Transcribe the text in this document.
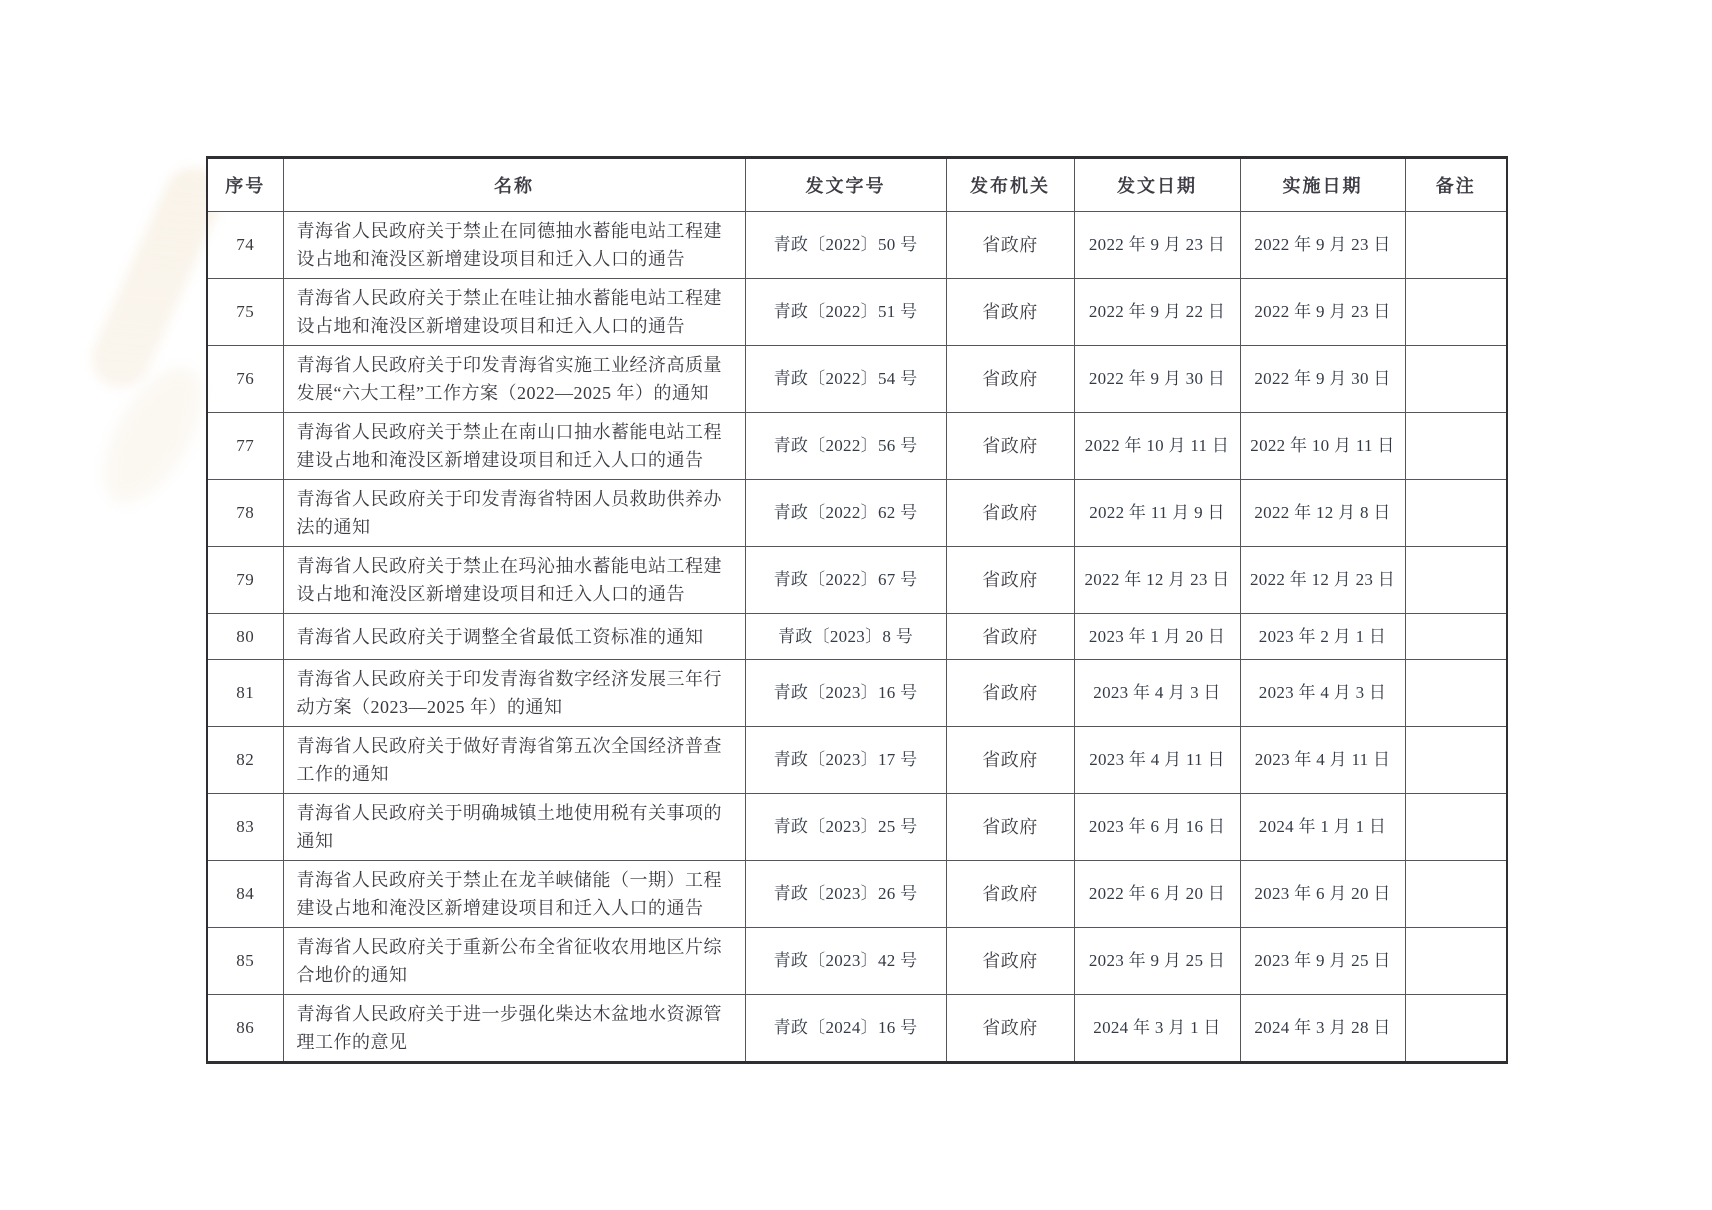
序号	名称	发文字号	发布机关	发文日期	实施日期	备注
74	青海省人民政府关于禁止在同德抽水蓄能电站工程建设占地和淹没区新增建设项目和迁入人口的通告	青政〔2022〕50 号	省政府	2022 年 9 月 23 日	2022 年 9 月 23 日	
75	青海省人民政府关于禁止在哇让抽水蓄能电站工程建设占地和淹没区新增建设项目和迁入人口的通告	青政〔2022〕51 号	省政府	2022 年 9 月 22 日	2022 年 9 月 23 日	
76	青海省人民政府关于印发青海省实施工业经济高质量发展“六大工程”工作方案（2022—2025 年）的通知	青政〔2022〕54 号	省政府	2022 年 9 月 30 日	2022 年 9 月 30 日	
77	青海省人民政府关于禁止在南山口抽水蓄能电站工程建设占地和淹没区新增建设项目和迁入人口的通告	青政〔2022〕56 号	省政府	2022 年 10 月 11 日	2022 年 10 月 11 日	
78	青海省人民政府关于印发青海省特困人员救助供养办法的通知	青政〔2022〕62 号	省政府	2022 年 11 月 9 日	2022 年 12 月 8 日	
79	青海省人民政府关于禁止在玛沁抽水蓄能电站工程建设占地和淹没区新增建设项目和迁入人口的通告	青政〔2022〕67 号	省政府	2022 年 12 月 23 日	2022 年 12 月 23 日	
80	青海省人民政府关于调整全省最低工资标准的通知	青政〔2023〕8 号	省政府	2023 年 1 月 20 日	2023 年 2 月 1 日	
81	青海省人民政府关于印发青海省数字经济发展三年行动方案（2023—2025 年）的通知	青政〔2023〕16 号	省政府	2023 年 4 月 3 日	2023 年 4 月 3 日	
82	青海省人民政府关于做好青海省第五次全国经济普查工作的通知	青政〔2023〕17 号	省政府	2023 年 4 月 11 日	2023 年 4 月 11 日	
83	青海省人民政府关于明确城镇土地使用税有关事项的通知	青政〔2023〕25 号	省政府	2023 年 6 月 16 日	2024 年 1 月 1 日	
84	青海省人民政府关于禁止在龙羊峡储能（一期）工程建设占地和淹没区新增建设项目和迁入人口的通告	青政〔2023〕26 号	省政府	2022 年 6 月 20 日	2023 年 6 月 20 日	
85	青海省人民政府关于重新公布全省征收农用地区片综合地价的通知	青政〔2023〕42 号	省政府	2023 年 9 月 25 日	2023 年 9 月 25 日	
86	青海省人民政府关于进一步强化柴达木盆地水资源管理工作的意见	青政〔2024〕16 号	省政府	2024 年 3 月 1 日	2024 年 3 月 28 日	
